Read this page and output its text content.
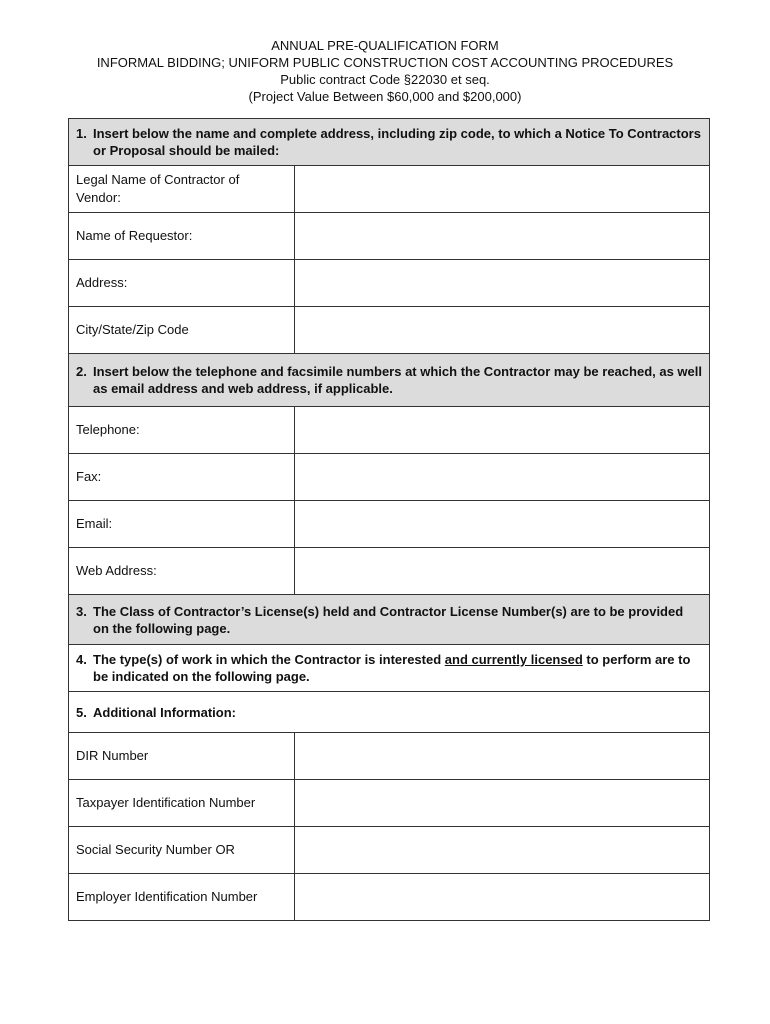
ANNUAL PRE-QUALIFICATION FORM
INFORMAL BIDDING; UNIFORM PUBLIC CONSTRUCTION COST ACCOUNTING PROCEDURES
Public contract Code §22030 et seq.
(Project Value Between $60,000 and $200,000)
1. Insert below the name and complete address, including zip code, to which a Notice To Contractors or Proposal should be mailed:	

Legal Name of Contractor of Vendor:	

Name of Requestor:	

Address:	

City/State/Zip Code	

2. Insert below the telephone and facsimile numbers at which the Contractor may be reached, as well as email address and web address, if applicable.	

Telephone:	

Fax:	

Email:	

Web Address:	

3. The Class of Contractor’s License(s) held and Contractor License Number(s) are to be provided on the following page.	

4. The type(s) of work in which the Contractor is interested and currently licensed to perform are to be indicated on the following page.	

5. Additional Information:	

DIR Number	

Taxpayer Identification Number	

Social Security Number OR	

Employer Identification Number	
